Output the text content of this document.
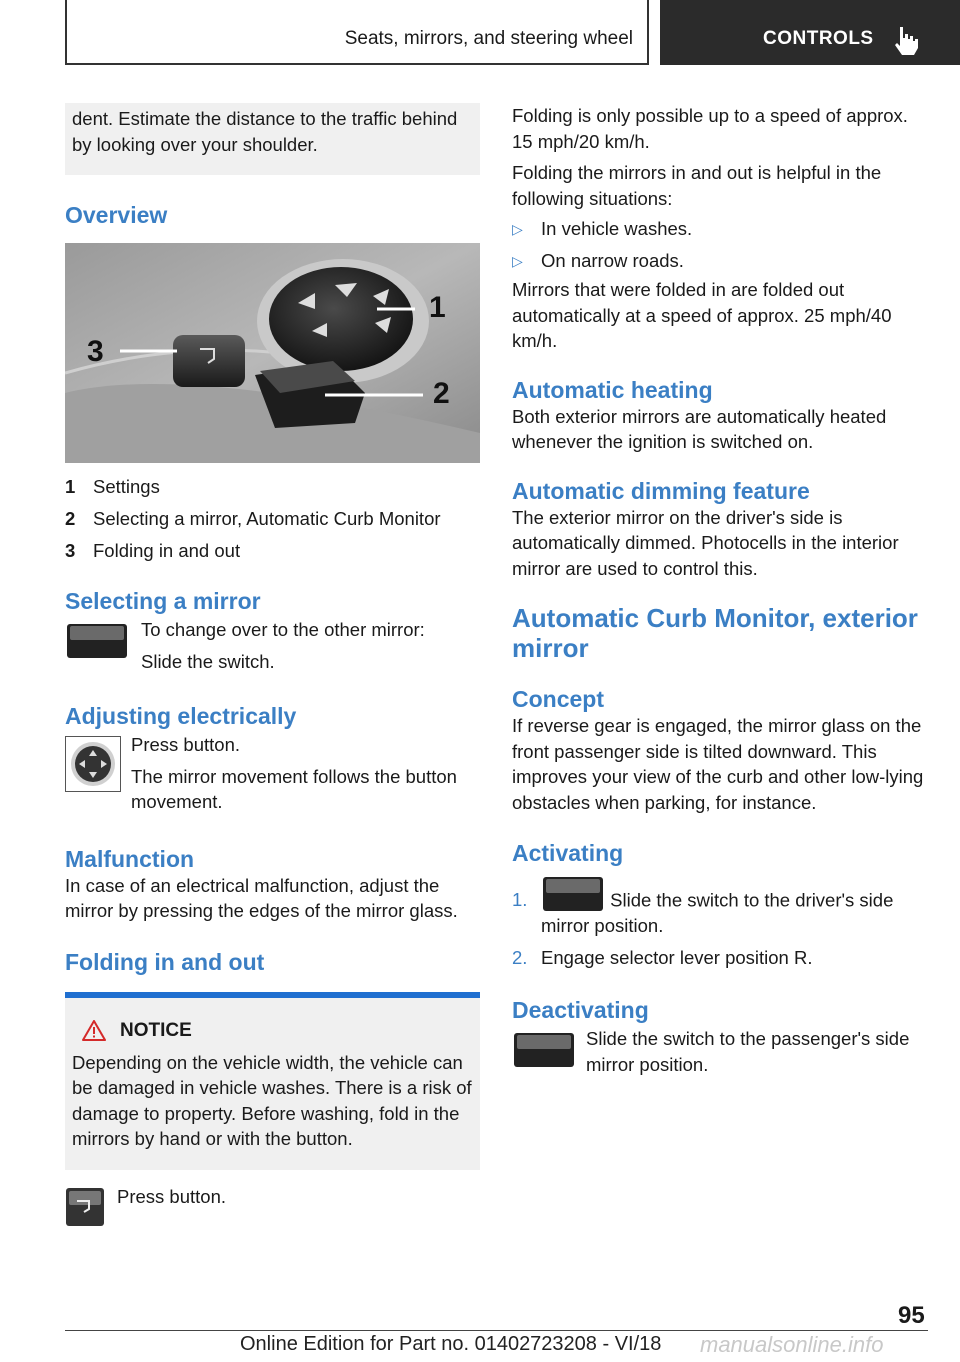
Seats, mirrors, and steering wheel	CONTROLS

dent. Estimate the distance to the traffic behind by looking over your shoulder.

Overview
3
1
2
1 Settings
2 Selecting a mirror, Automatic Curb Monitor
3 Folding in and out
Selecting a mirror

To change over to the other mirror:

Slide the switch.

Adjusting electrically

Press button.

The mirror movement follows the button movement.

Malfunction

In case of an electrical malfunction, adjust the mirror by pressing the edges of the mirror glass.

Folding in and out
NOTICE

Depending on the vehicle width, the vehicle can be damaged in vehicle washes. There is a risk of damage to property. Before washing, fold in the mirrors by hand or with the button.

Press button.

Folding is only possible up to a speed of approx. 15 mph/20 km/h.

Folding the mirrors in and out is helpful in the following situations:

▷ In vehicle washes.
▷ On narrow roads.

Mirrors that were folded in are folded out automatically at a speed of approx. 25 mph/40 km/h.

Automatic heating

Both exterior mirrors are automatically heated whenever the ignition is switched on.

Automatic dimming feature

The exterior mirror on the driver's side is automatically dimmed. Photocells in the interior mirror are used to control this.

Automatic Curb Monitor, exterior mirror
Concept

If reverse gear is engaged, the mirror glass on the front passenger side is tilted downward. This improves your view of the curb and other low-lying obstacles when parking, for instance.

Activating
1.	Slide the switch to the driver's side mirror position.
2. Engage selector lever position R.
Deactivating

Slide the switch to the passenger's side mirror position.

95
Online Edition for Part no. 01402723208 - VI/18 manualsonline.info
